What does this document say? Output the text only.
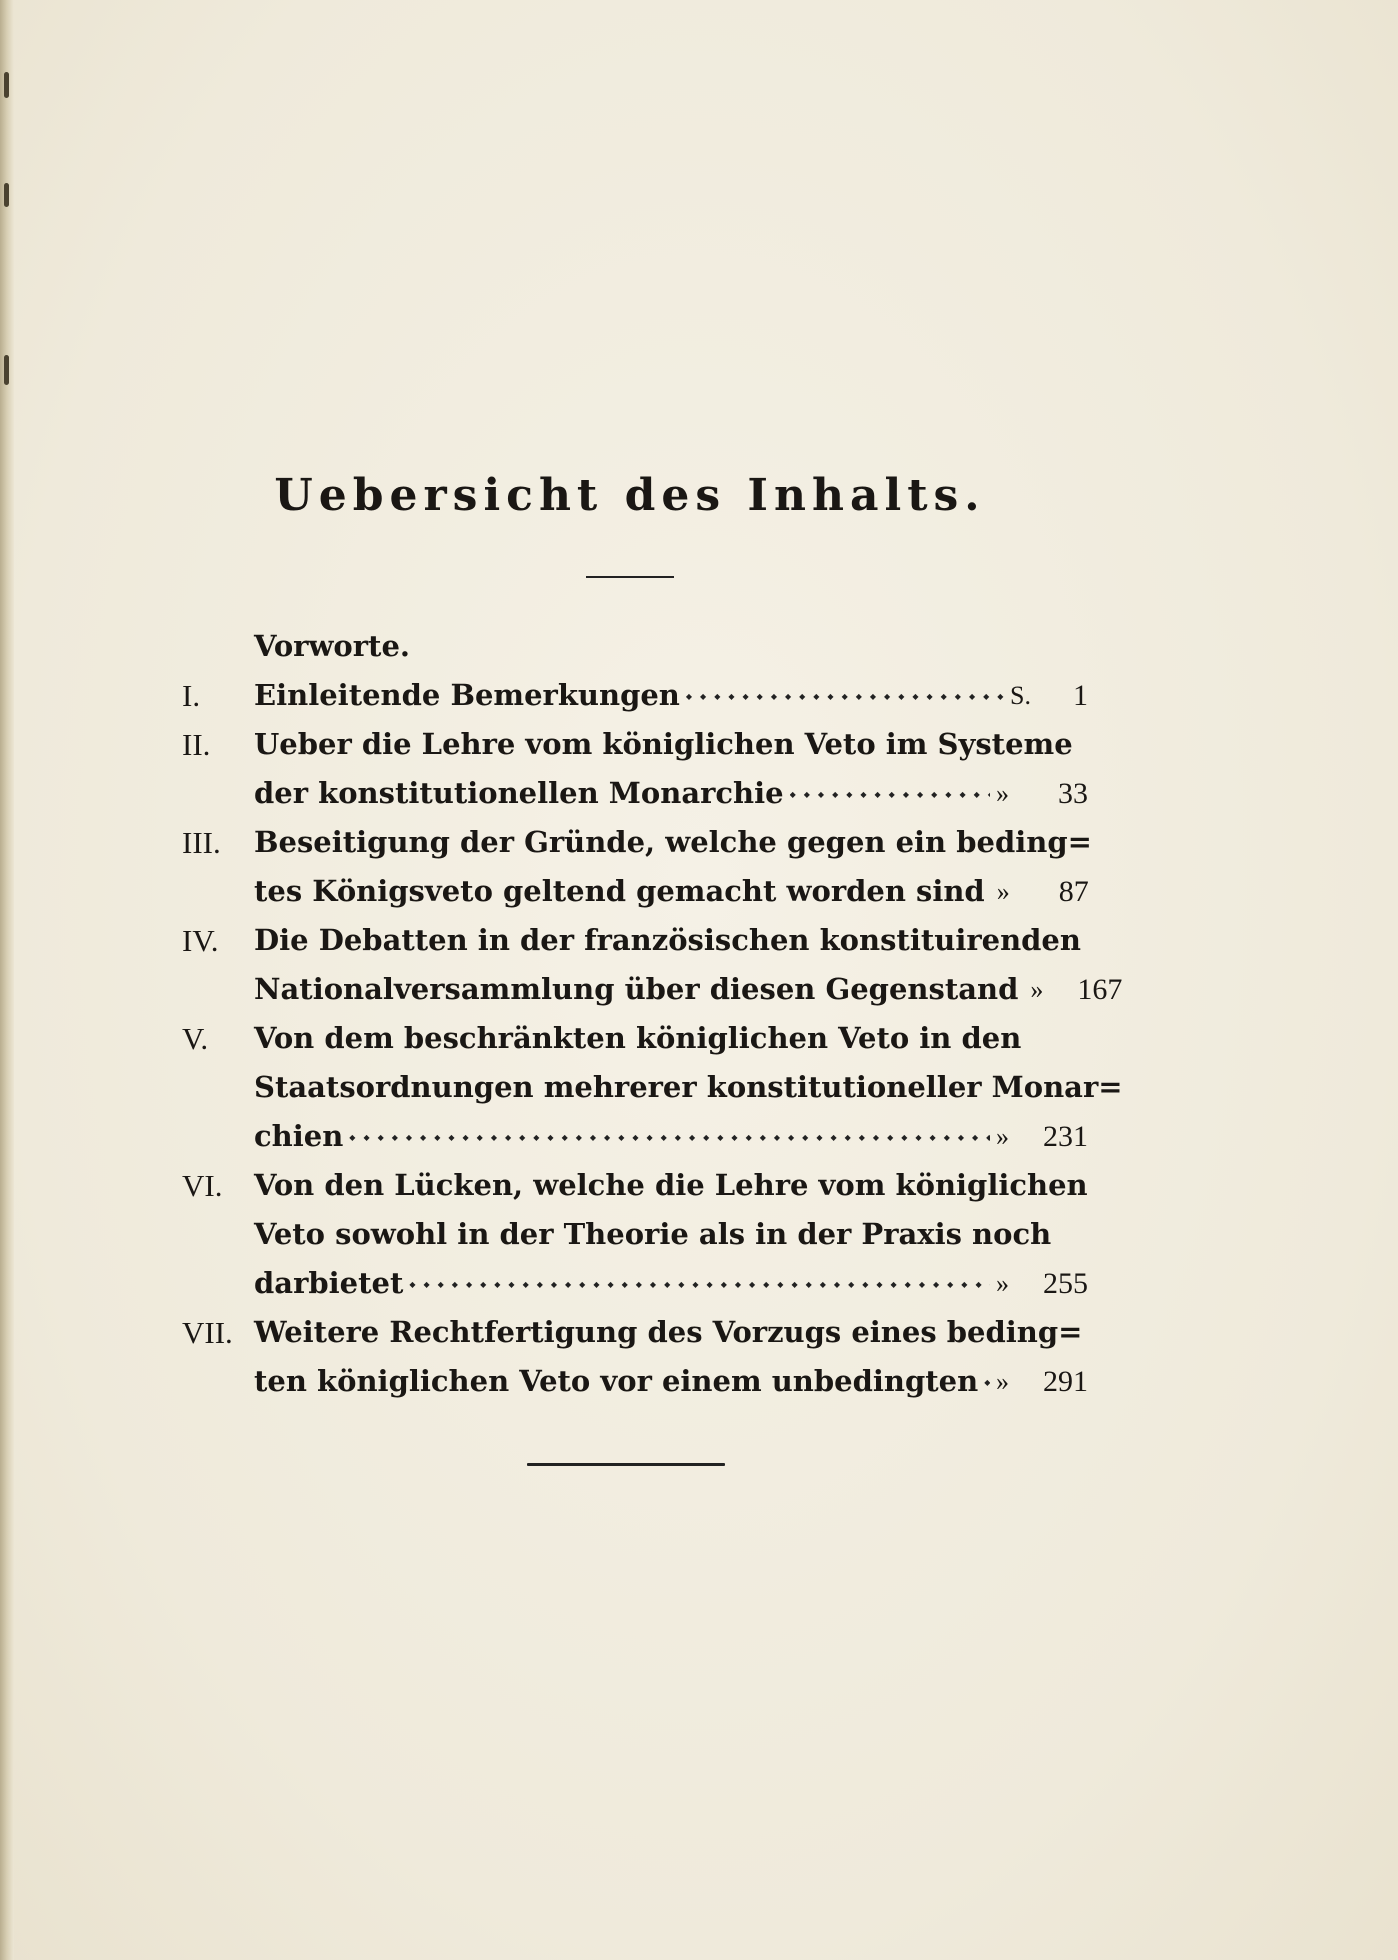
Uebersicht des Inhalts.
Vorworte.
I.	Einleitende Bemerkungen ◆◆◆◆◆◆◆◆◆◆◆◆◆◆◆◆◆◆◆◆◆◆◆◆◆◆◆◆◆◆◆◆◆◆◆◆◆◆◆◆◆◆◆◆◆◆◆◆◆◆◆◆◆◆◆◆◆◆◆◆	S. 1
II.	Ueber die Lehre vom königlichen Veto im Systeme
der konstitutionellen Monarchie ◆◆◆◆◆◆◆◆◆◆◆◆◆◆◆◆◆◆◆◆◆◆◆◆◆◆◆◆◆◆◆◆◆◆◆◆◆◆◆◆◆◆◆◆◆◆◆◆◆◆◆◆◆◆◆◆◆◆◆◆	» 33
III.	Beseitigung der Gründe, welche gegen ein beding=
tes Königsveto geltend gemacht worden sind » 87
IV.	Die Debatten in der französischen konstituirenden
Nationalversammlung über diesen Gegenstand » 167
V.	Von dem beschränkten königlichen Veto in den
Staatsordnungen mehrerer konstitutioneller Monar=
chien ◆◆◆◆◆◆◆◆◆◆◆◆◆◆◆◆◆◆◆◆◆◆◆◆◆◆◆◆◆◆◆◆◆◆◆◆◆◆◆◆◆◆◆◆◆◆◆◆◆◆◆◆◆◆◆◆◆◆◆◆	» 231
VI.	Von den Lücken, welche die Lehre vom königlichen
Veto sowohl in der Theorie als in der Praxis noch
darbietet ◆◆◆◆◆◆◆◆◆◆◆◆◆◆◆◆◆◆◆◆◆◆◆◆◆◆◆◆◆◆◆◆◆◆◆◆◆◆◆◆◆◆◆◆◆◆◆◆◆◆◆◆◆◆◆◆◆◆◆◆	» 255
VII. Weitere Rechtfertigung des Vorzugs eines beding=
ten königlichen Veto vor einem unbedingten ◆◆◆◆◆◆◆◆◆◆◆◆◆◆◆◆◆◆◆◆◆◆◆◆◆◆◆◆◆◆◆◆◆◆◆◆◆◆◆◆◆◆◆◆◆◆◆◆◆◆◆◆◆◆◆◆◆◆◆◆ » 291
